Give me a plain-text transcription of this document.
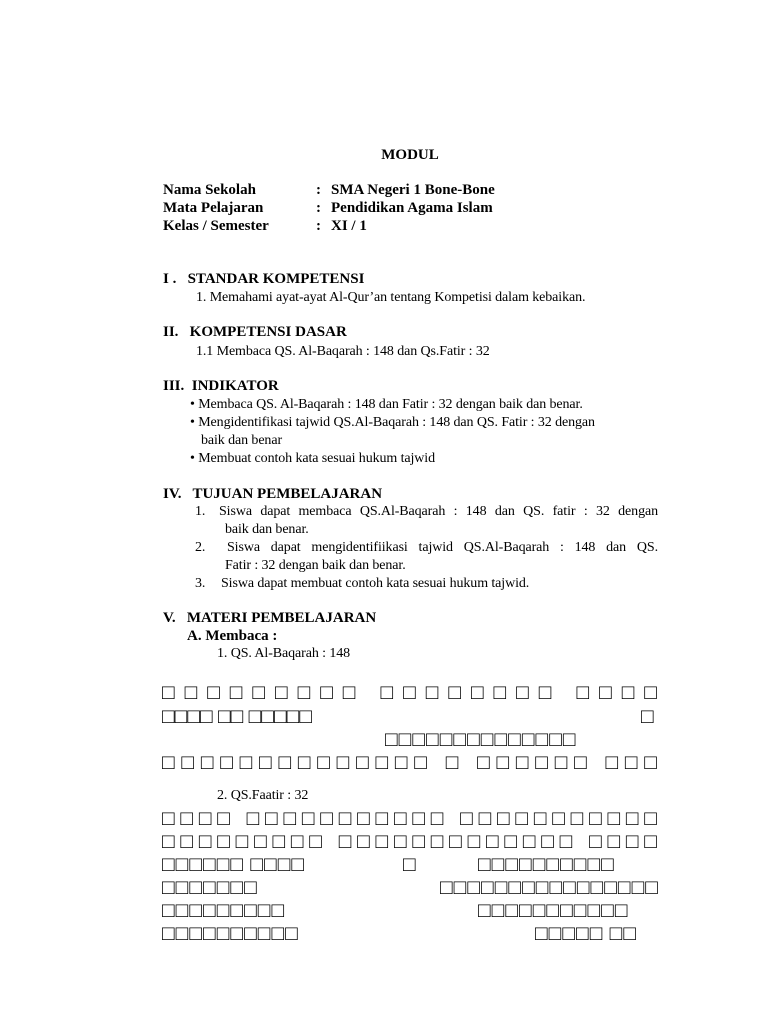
MODUL
Nama Sekolah	: SMA Negeri 1 Bone-Bone
Mata Pelajaran	: Pendidikan Agama Islam
Kelas / Semester	: XI / 1
I .   STANDAR KOMPETENSI
1. Memahami ayat-ayat Al-Qur’an tentang Kompetisi dalam kebaikan.
II.   KOMPETENSI DASAR
1.1 Membaca QS. Al-Baqarah : 148 dan Qs.Fatir : 32
III.  INDIKATOR
• Membaca QS. Al-Baqarah : 148 dan Fatir : 32 dengan baik dan benar.
• Mengidentifikasi tajwid QS.Al-Baqarah : 148 dan QS. Fatir : 32 dengan
baik dan benar
• Membuat contoh kata sesuai hukum tajwid
IV.   TUJUAN PEMBELAJARAN
1. Siswa dapat membaca QS.Al-Baqarah : 148 dan QS. fatir : 32 dengan
baik dan benar.
2. Siswa dapat mengidentifiikasi tajwid QS.Al-Baqarah : 148 dan QS.
Fatir : 32 dengan baik dan benar.
3. Siswa dapat membuat contoh kata sesuai hukum tajwid.
V.   MATERI PEMBELAJARAN
A. Membaca :
1. QS. Al-Baqarah : 148
□□□□□□□□□ □□□□□□□□ □□□□
□□□□ □□ □□□□□	□
□□□□□□□□□□□□□□
□□□□□□□□□□□□□□ □ □□□□□□ □□□
2. QS.Faatir : 32
□□□□ □□□□□□□□□□□ □□□□□□□□□□□
□□□□□□□□□ □□□□□□□□□□□□□ □□□□
□□□□□□ □□□□	□	□□□□□□□□□□
□□□□□□□	□□□□□□□□□□□□□□□□
□□□□□□□□□	□□□□□□□□□□□
□□□□□□□□□□	□□□□□ □□
